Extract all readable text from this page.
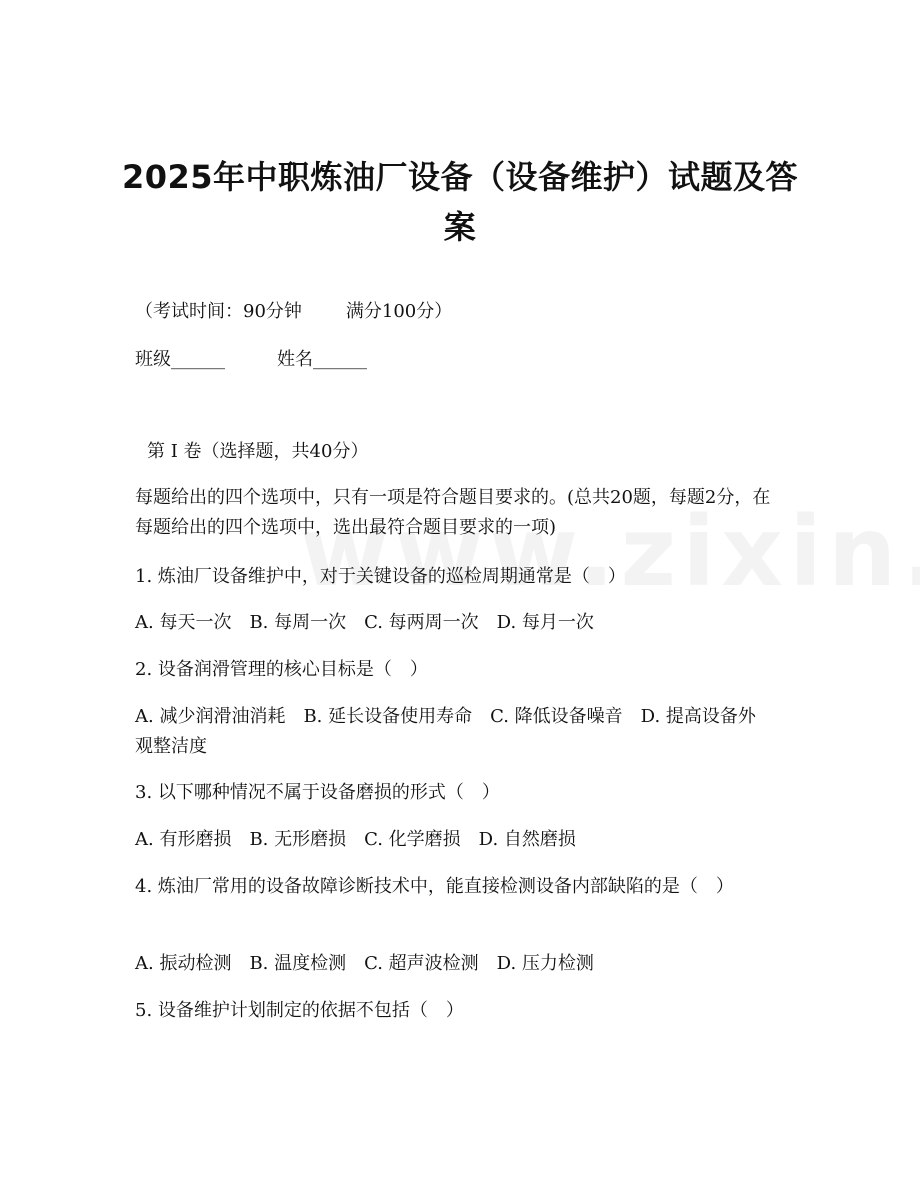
2025年中职炼油厂设备（设备维护）试题及答案
（考试时间：90分钟 满分100分）
班级______	姓名______
第 I 卷（选择题，共40分）
每题给出的四个选项中，只有一项是符合题目要求的。(总共20题，每题2分，在每题给出的四个选项中，选出最符合题目要求的一项)
1. 炼油厂设备维护中，对于关键设备的巡检周期通常是（　）
A. 每天一次　B. 每周一次　C. 每两周一次　D. 每月一次
2. 设备润滑管理的核心目标是（　）
A. 减少润滑油消耗　B. 延长设备使用寿命　C. 降低设备噪音　D. 提高设备外观整洁度
3. 以下哪种情况不属于设备磨损的形式（　）
A. 有形磨损　B. 无形磨损　C. 化学磨损　D. 自然磨损
4. 炼油厂常用的设备故障诊断技术中，能直接检测设备内部缺陷的是（　）
A. 振动检测　B. 温度检测　C. 超声波检测　D. 压力检测
5. 设备维护计划制定的依据不包括（　）
